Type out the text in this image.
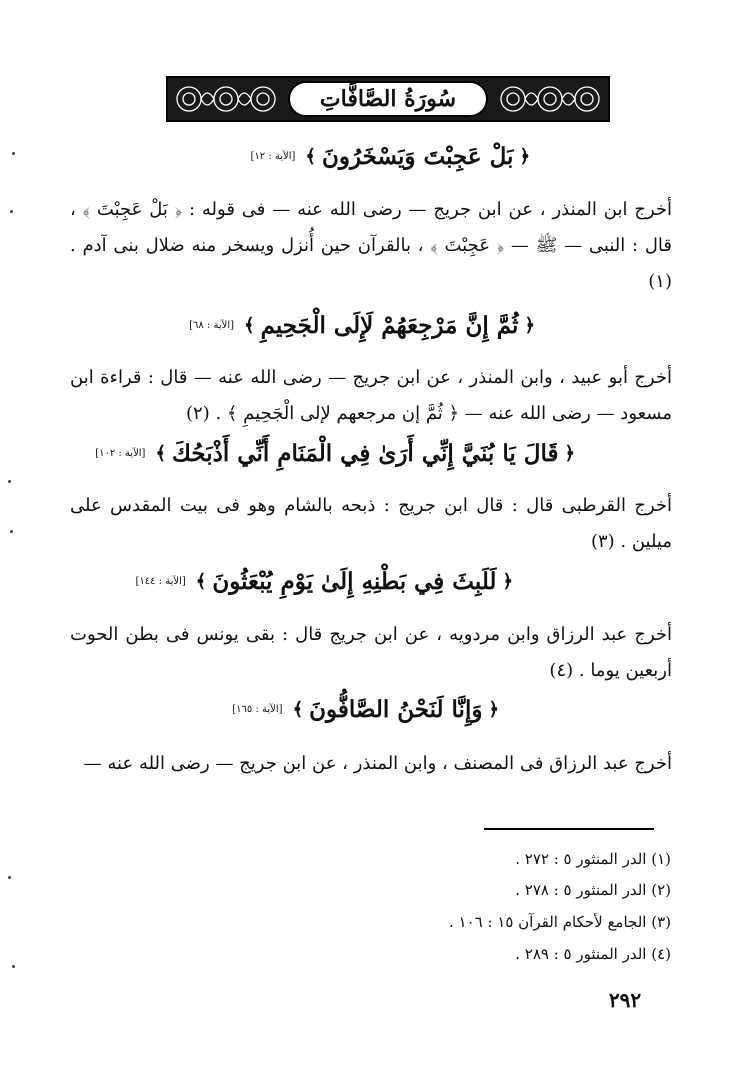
سُورَةُ الصَّافَّاتِ
﴿
بَلْ عَجِبْتَ وَيَسْخَرُونَ
﴾
[الآية : ١٢]
أخرج ابن المنذر ، عن ابن جريج — رضى الله عنه — فى قوله : ﴿ بَلْ عَجِبْتَ ﴾ ، قال : النبى — ﷺ — ﴿ عَجِبْتَ ﴾ ، بالقرآن حين أُنزل ويسخر منه ضلال بنى آدم . (١)
﴿
ثُمَّ إِنَّ مَرْجِعَهُمْ لَإِلَى الْجَحِيمِ
﴾
[الآية : ٦٨]
أخرج أبو عبيد ، وابن المنذر ، عن ابن جريج — رضى الله عنه — قال : قراءة ابن مسعود — رضى الله عنه — ﴿ ثُمَّ إن مرجعهم لإلى الْجَحِيمِ ﴾ . (٢)
﴿
قَالَ يَا بُنَيَّ إِنِّي أَرَىٰ فِي الْمَنَامِ أَنِّي أَذْبَحُكَ
﴾
[الآية : ١٠٢]
أخرج القرطبى قال : قال ابن جريج : ذبحه بالشام وهو فى بيت المقدس على ميلين . (٣)
﴿
لَلَبِثَ فِي بَطْنِهِ إِلَىٰ يَوْمِ يُبْعَثُونَ
﴾
[الآية : ١٤٤]
أخرج عبد الرزاق وابن مردويه ، عن ابن جريج قال : بقى يونس فى بطن الحوت أربعين يوما . (٤)
﴿
وَإِنَّا لَنَحْنُ الصَّافُّونَ
﴾
[الآية : ١٦٥]
أخرج عبد الرزاق فى المصنف ، وابن المنذر ، عن ابن جريج — رضى الله عنه —
(١) الدر المنثور ٥ : ٢٧٢ .
(٢) الدر المنثور ٥ : ٢٧٨ .
(٣) الجامع لأحكام القرآن ١٥ : ١٠٦ .
(٤) الدر المنثور ٥ : ٢٨٩ .
٢٩٢
